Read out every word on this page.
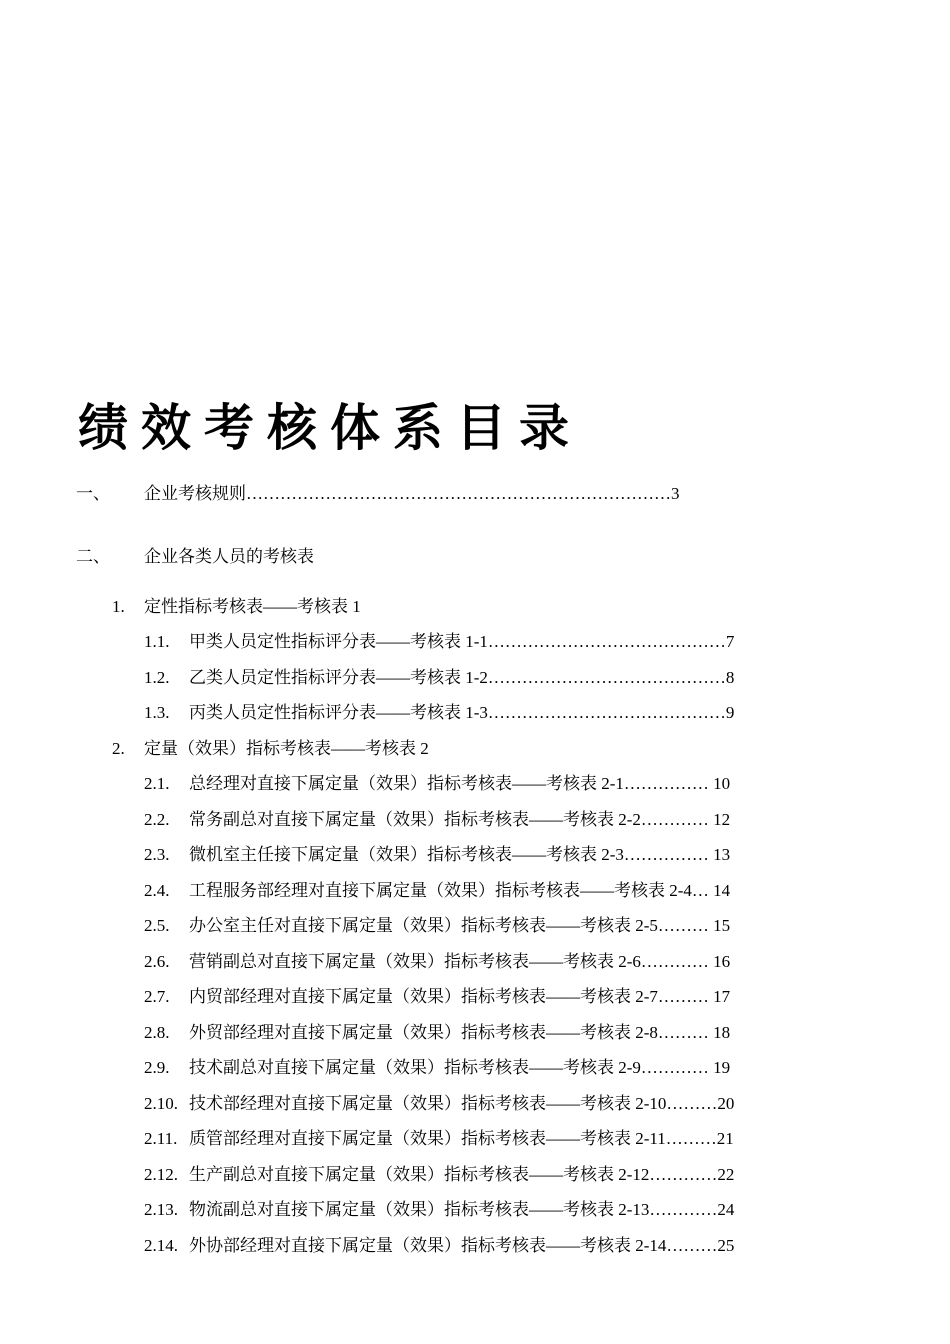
绩效考核体系目录
一、 企业考核规则…………………………………………………………………3
二、 企业各类人员的考核表
1. 定性指标考核表——考核表 1
1.1. 甲类人员定性指标评分表——考核表 1-1……………………………………7
1.2. 乙类人员定性指标评分表——考核表 1-2……………………………………8
1.3. 丙类人员定性指标评分表——考核表 1-3……………………………………9
2. 定量（效果）指标考核表——考核表 2
2.1. 总经理对直接下属定量（效果）指标考核表——考核表 2-1…………… 10
2.2. 常务副总对直接下属定量（效果）指标考核表——考核表 2-2………… 12
2.3. 微机室主任接下属定量（效果）指标考核表——考核表 2-3…………… 13
2.4. 工程服务部经理对直接下属定量（效果）指标考核表——考核表 2-4… 14
2.5. 办公室主任对直接下属定量（效果）指标考核表——考核表 2-5……… 15
2.6. 营销副总对直接下属定量（效果）指标考核表——考核表 2-6………… 16
2.7. 内贸部经理对直接下属定量（效果）指标考核表——考核表 2-7……… 17
2.8. 外贸部经理对直接下属定量（效果）指标考核表——考核表 2-8……… 18
2.9. 技术副总对直接下属定量（效果）指标考核表——考核表 2-9………… 19
2.10. 技术部经理对直接下属定量（效果）指标考核表——考核表 2-10………20
2.11. 质管部经理对直接下属定量（效果）指标考核表——考核表 2-11………21
2.12. 生产副总对直接下属定量（效果）指标考核表——考核表 2-12…………22
2.13. 物流副总对直接下属定量（效果）指标考核表——考核表 2-13…………24
2.14. 外协部经理对直接下属定量（效果）指标考核表——考核表 2-14………25
